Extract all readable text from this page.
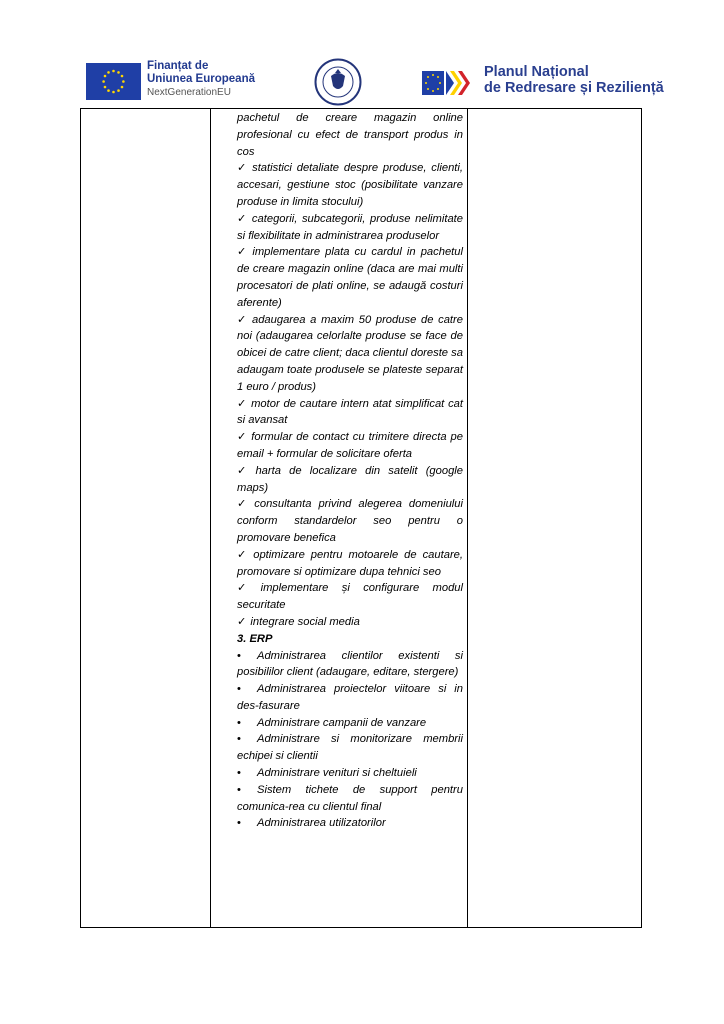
Finanțat de
Uniunea Europeană
NextGenerationEU
Planul Național
de Redresare și Reziliență

pachetul de creare magazin online profesional cu efect de transport produs in cos

✓ statistici detaliate despre produse, clienti, accesari, gestiune stoc (posibilitate vanzare produse in limita stocului)

✓ categorii, subcategorii, produse nelimitate si flexibilitate in administrarea produselor

✓ implementare plata cu cardul in pachetul de creare magazin online (daca are mai multi procesatori de plati online, se adaugă costuri aferente)

✓ adaugarea a maxim 50 produse de catre noi (adaugarea celorlalte produse se face de obicei de catre client; daca clientul doreste sa adaugam toate produsele se plateste separat 1 euro / produs)

✓ motor de cautare intern atat simplificat cat si avansat

✓ formular de contact cu trimitere directa pe email + formular de solicitare oferta

✓ harta de localizare din satelit (google maps)

✓ consultanta privind alegerea domeniului conform standardelor seo pentru o promovare benefica

✓ optimizare pentru motoarele de cautare, promovare si optimizare dupa tehnici seo

✓ implementare și configurare modul securitate

✓ integrare social media

3. ERP

• Administrarea clientilor existenti si posibililor client (adaugare, editare, stergere)

• Administrarea proiectelor viitoare si in des-fasurare

• Administrare campanii de vanzare

• Administrare si monitorizare membrii echipei si clientii

• Administrare venituri si cheltuieli

• Sistem tichete de support pentru comunica-rea cu clientul final

• Administrarea utilizatorilor
